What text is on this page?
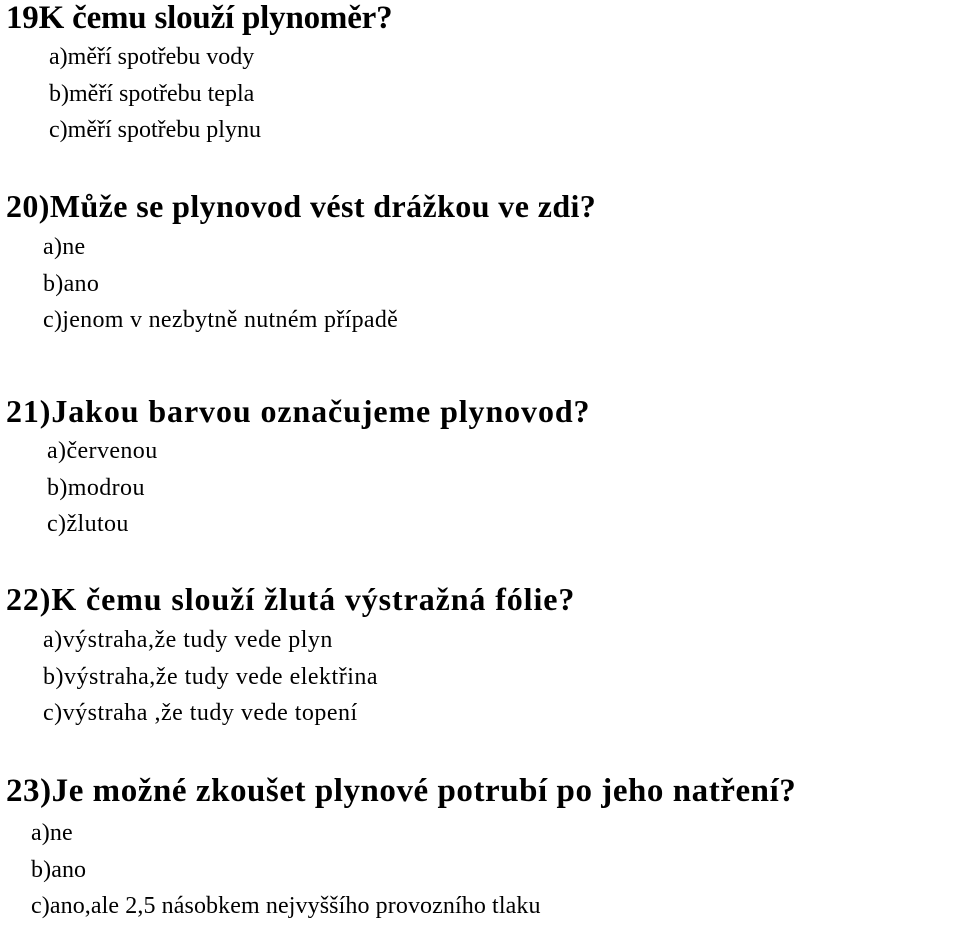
19K čemu slouží plynoměr?
a)měří spotřebu vody
b)měří spotřebu tepla
c)měří spotřebu plynu
20)Může se plynovod vést drážkou ve zdi?
a)ne
b)ano
c)jenom v nezbytně nutném případě
21)Jakou barvou označujeme plynovod?
a)červenou
b)modrou
c)žlutou
22)K čemu slouží žlutá výstražná fólie?
a)výstraha,že tudy vede plyn
b)výstraha,že tudy vede elektřina
c)výstraha ,že tudy vede topení
23)Je možné zkoušet plynové potrubí po jeho natření?
a)ne
b)ano
c)ano,ale 2,5 násobkem nejvyššího provozního tlaku
